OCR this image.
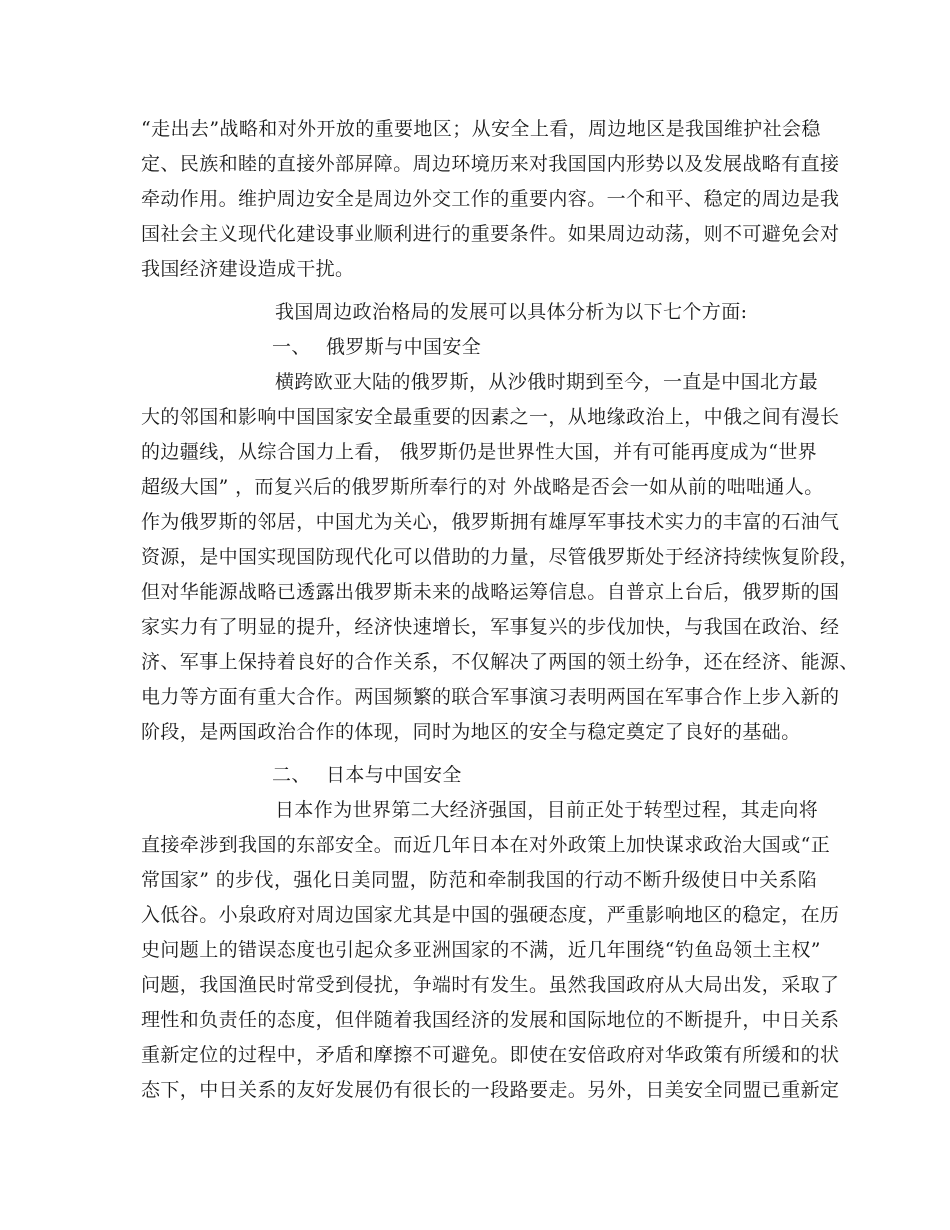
“走出去”战略和对外开放的重要地区；从安全上看，周边地区是我国维护社会稳
定、民族和睦的直接外部屏障。周边环境历来对我国国内形势以及发展战略有直接
牵动作用。维护周边安全是周边外交工作的重要内容。一个和平、稳定的周边是我
国社会主义现代化建设事业顺利进行的重要条件。如果周边动荡，则不可避免会对
我国经济建设造成干扰。
我国周边政治格局的发展可以具体分析为以下七个方面:
一、 俄罗斯与中国安全
横跨欧亚大陆的俄罗斯，从沙俄时期到至今，一直是中国北方最
大的邻国和影响中国国家安全最重要的因素之一，从地缘政治上，中俄之间有漫长
的边疆线，从综合国力上看， 俄罗斯仍是世界性大国，并有可能再度成为“世界
超级大国” ，而复兴后的俄罗斯所奉行的对 外战略是否会一如从前的咄咄通人。
作为俄罗斯的邻居，中国尤为关心，俄罗斯拥有雄厚军事技术实力的丰富的石油气
资源，是中国实现国防现代化可以借助的力量，尽管俄罗斯处于经济持续恢复阶段，
但对华能源战略已透露出俄罗斯未来的战略运筹信息。自普京上台后，俄罗斯的国
家实力有了明显的提升，经济快速增长，军事复兴的步伐加快，与我国在政治、经
济、军事上保持着良好的合作关系，不仅解决了两国的领土纷争，还在经济、能源、
电力等方面有重大合作。两国频繁的联合军事演习表明两国在军事合作上步入新的
阶段，是两国政治合作的体现，同时为地区的安全与稳定奠定了良好的基础。
二、 日本与中国安全
日本作为世界第二大经济强国，目前正处于转型过程，其走向将
直接牵涉到我国的东部安全。而近几年日本在对外政策上加快谋求政治大国或“正
常国家” 的步伐，强化日美同盟，防范和牵制我国的行动不断升级使日中关系陷
入低谷。小泉政府对周边国家尤其是中国的强硬态度，严重影响地区的稳定，在历
史问题上的错误态度也引起众多亚洲国家的不满，近几年围绕“钓鱼岛领土主权”
问题，我国渔民时常受到侵扰，争端时有发生。虽然我国政府从大局出发，采取了
理性和负责任的态度，但伴随着我国经济的发展和国际地位的不断提升，中日关系
重新定位的过程中，矛盾和摩擦不可避免。即使在安倍政府对华政策有所缓和的状
态下，中日关系的友好发展仍有很长的一段路要走。另外，日美安全同盟已重新定
